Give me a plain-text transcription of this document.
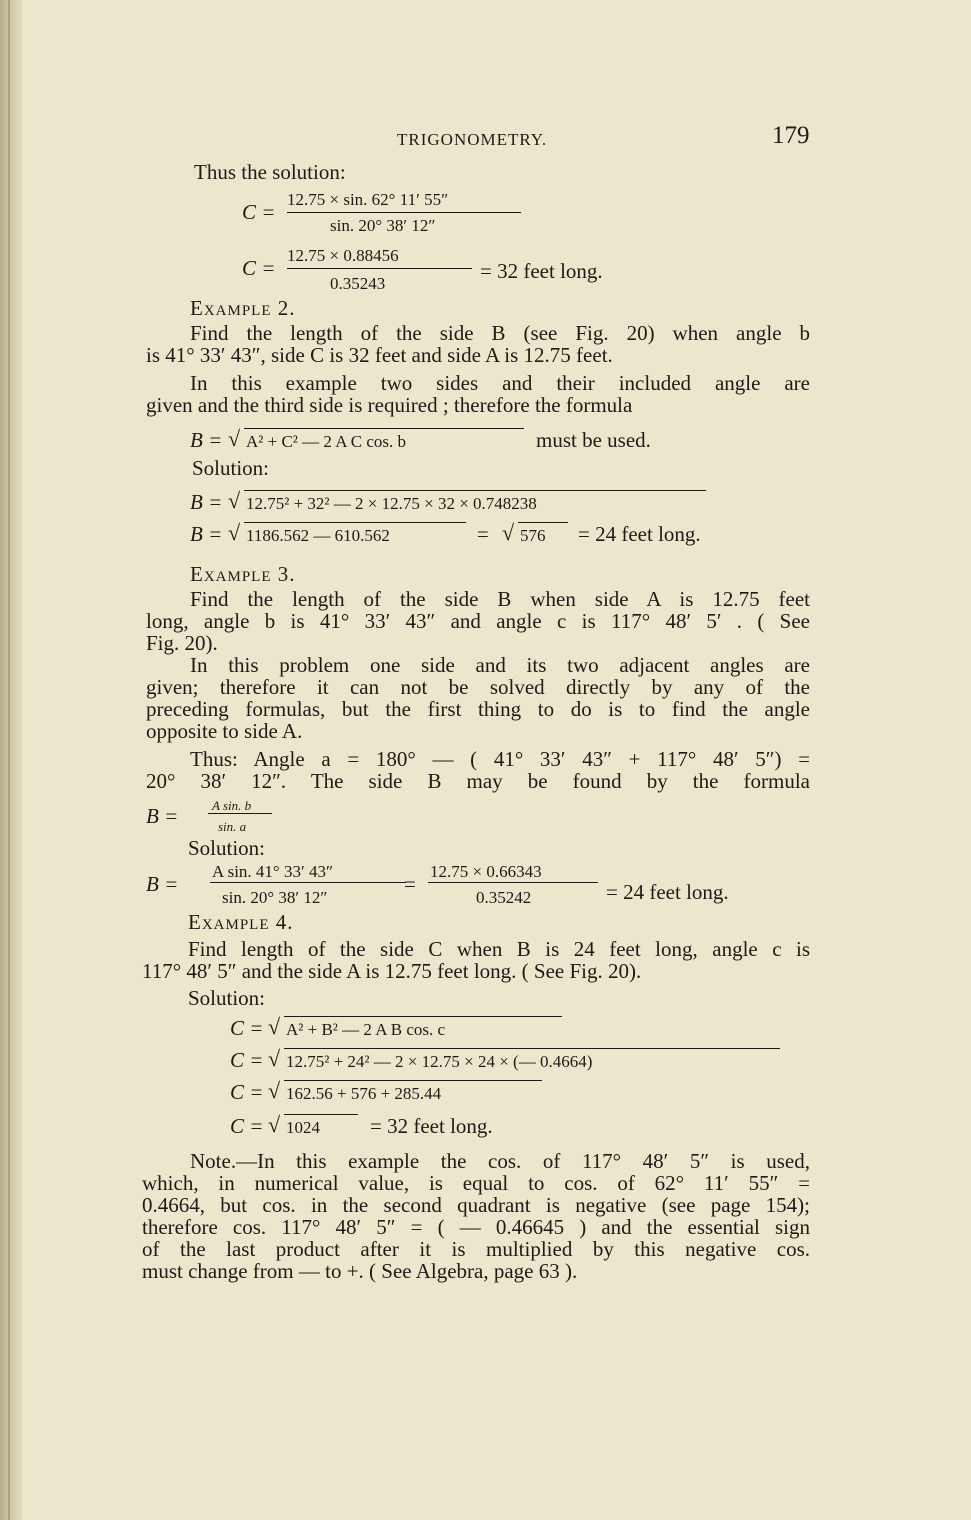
TRIGONOMETRY.	179
Thus the solution:
C =
12.75 × sin. 62° 11′ 55″
sin. 20° 38′ 12″
C =
12.75 × 0.88456
0.35243
= 32 feet long.
Example 2.
Find the length of the side B (see Fig. 20) when angle b
is 41° 33′ 43″, side C is 32 feet and side A is 12.75 feet.
In this example two sides and their included angle are
given and the third side is required ; therefore the formula
B = √ A² + C² — 2 A C cos. b	must be used.
Solution:
B = √ 12.75² + 32² — 2 × 12.75 × 32 × 0.748238
B = √ 1186.562 — 610.562	= √ 576 = 24 feet long.
Example 3.
Find the length of the side B when side A is 12.75 feet
long, angle b is 41° 33′ 43″ and angle c is 117° 48′ 5′ . ( See
Fig. 20).
In this problem one side and its two adjacent angles are
given; therefore it can not be solved directly by any of the
preceding formulas, but the first thing to do is to find the angle
opposite to side A.
Thus: Angle a = 180° — ( 41° 33′ 43″ + 117° 48′ 5″) =
20° 38′ 12″. The side B may be found by the formula
B =	A sin. b
sin. a
Solution:
B =
A sin. 41° 33′ 43″
sin. 20° 38′ 12″
=
12.75 × 0.66343
0.35242	= 24 feet long.
Example 4.
Find length of the side C when B is 24 feet long, angle c is
117° 48′ 5″ and the side A is 12.75 feet long. ( See Fig. 20).
Solution:
C = √ A² + B² — 2 A B cos. c
C = √ 12.75² + 24² — 2 × 12.75 × 24 × (— 0.4664)
C = √ 162.56 + 576 + 285.44
C = √ 1024 = 32 feet long.
Note.—In this example the cos. of 117° 48′ 5″ is used,
which, in numerical value, is equal to cos. of 62° 11′ 55″ =
0.4664, but cos. in the second quadrant is negative (see page 154);
therefore cos. 117° 48′ 5″ = ( — 0.46645 ) and the essential sign
of the last product after it is multiplied by this negative cos.
must change from — to +. ( See Algebra, page 63 ).
